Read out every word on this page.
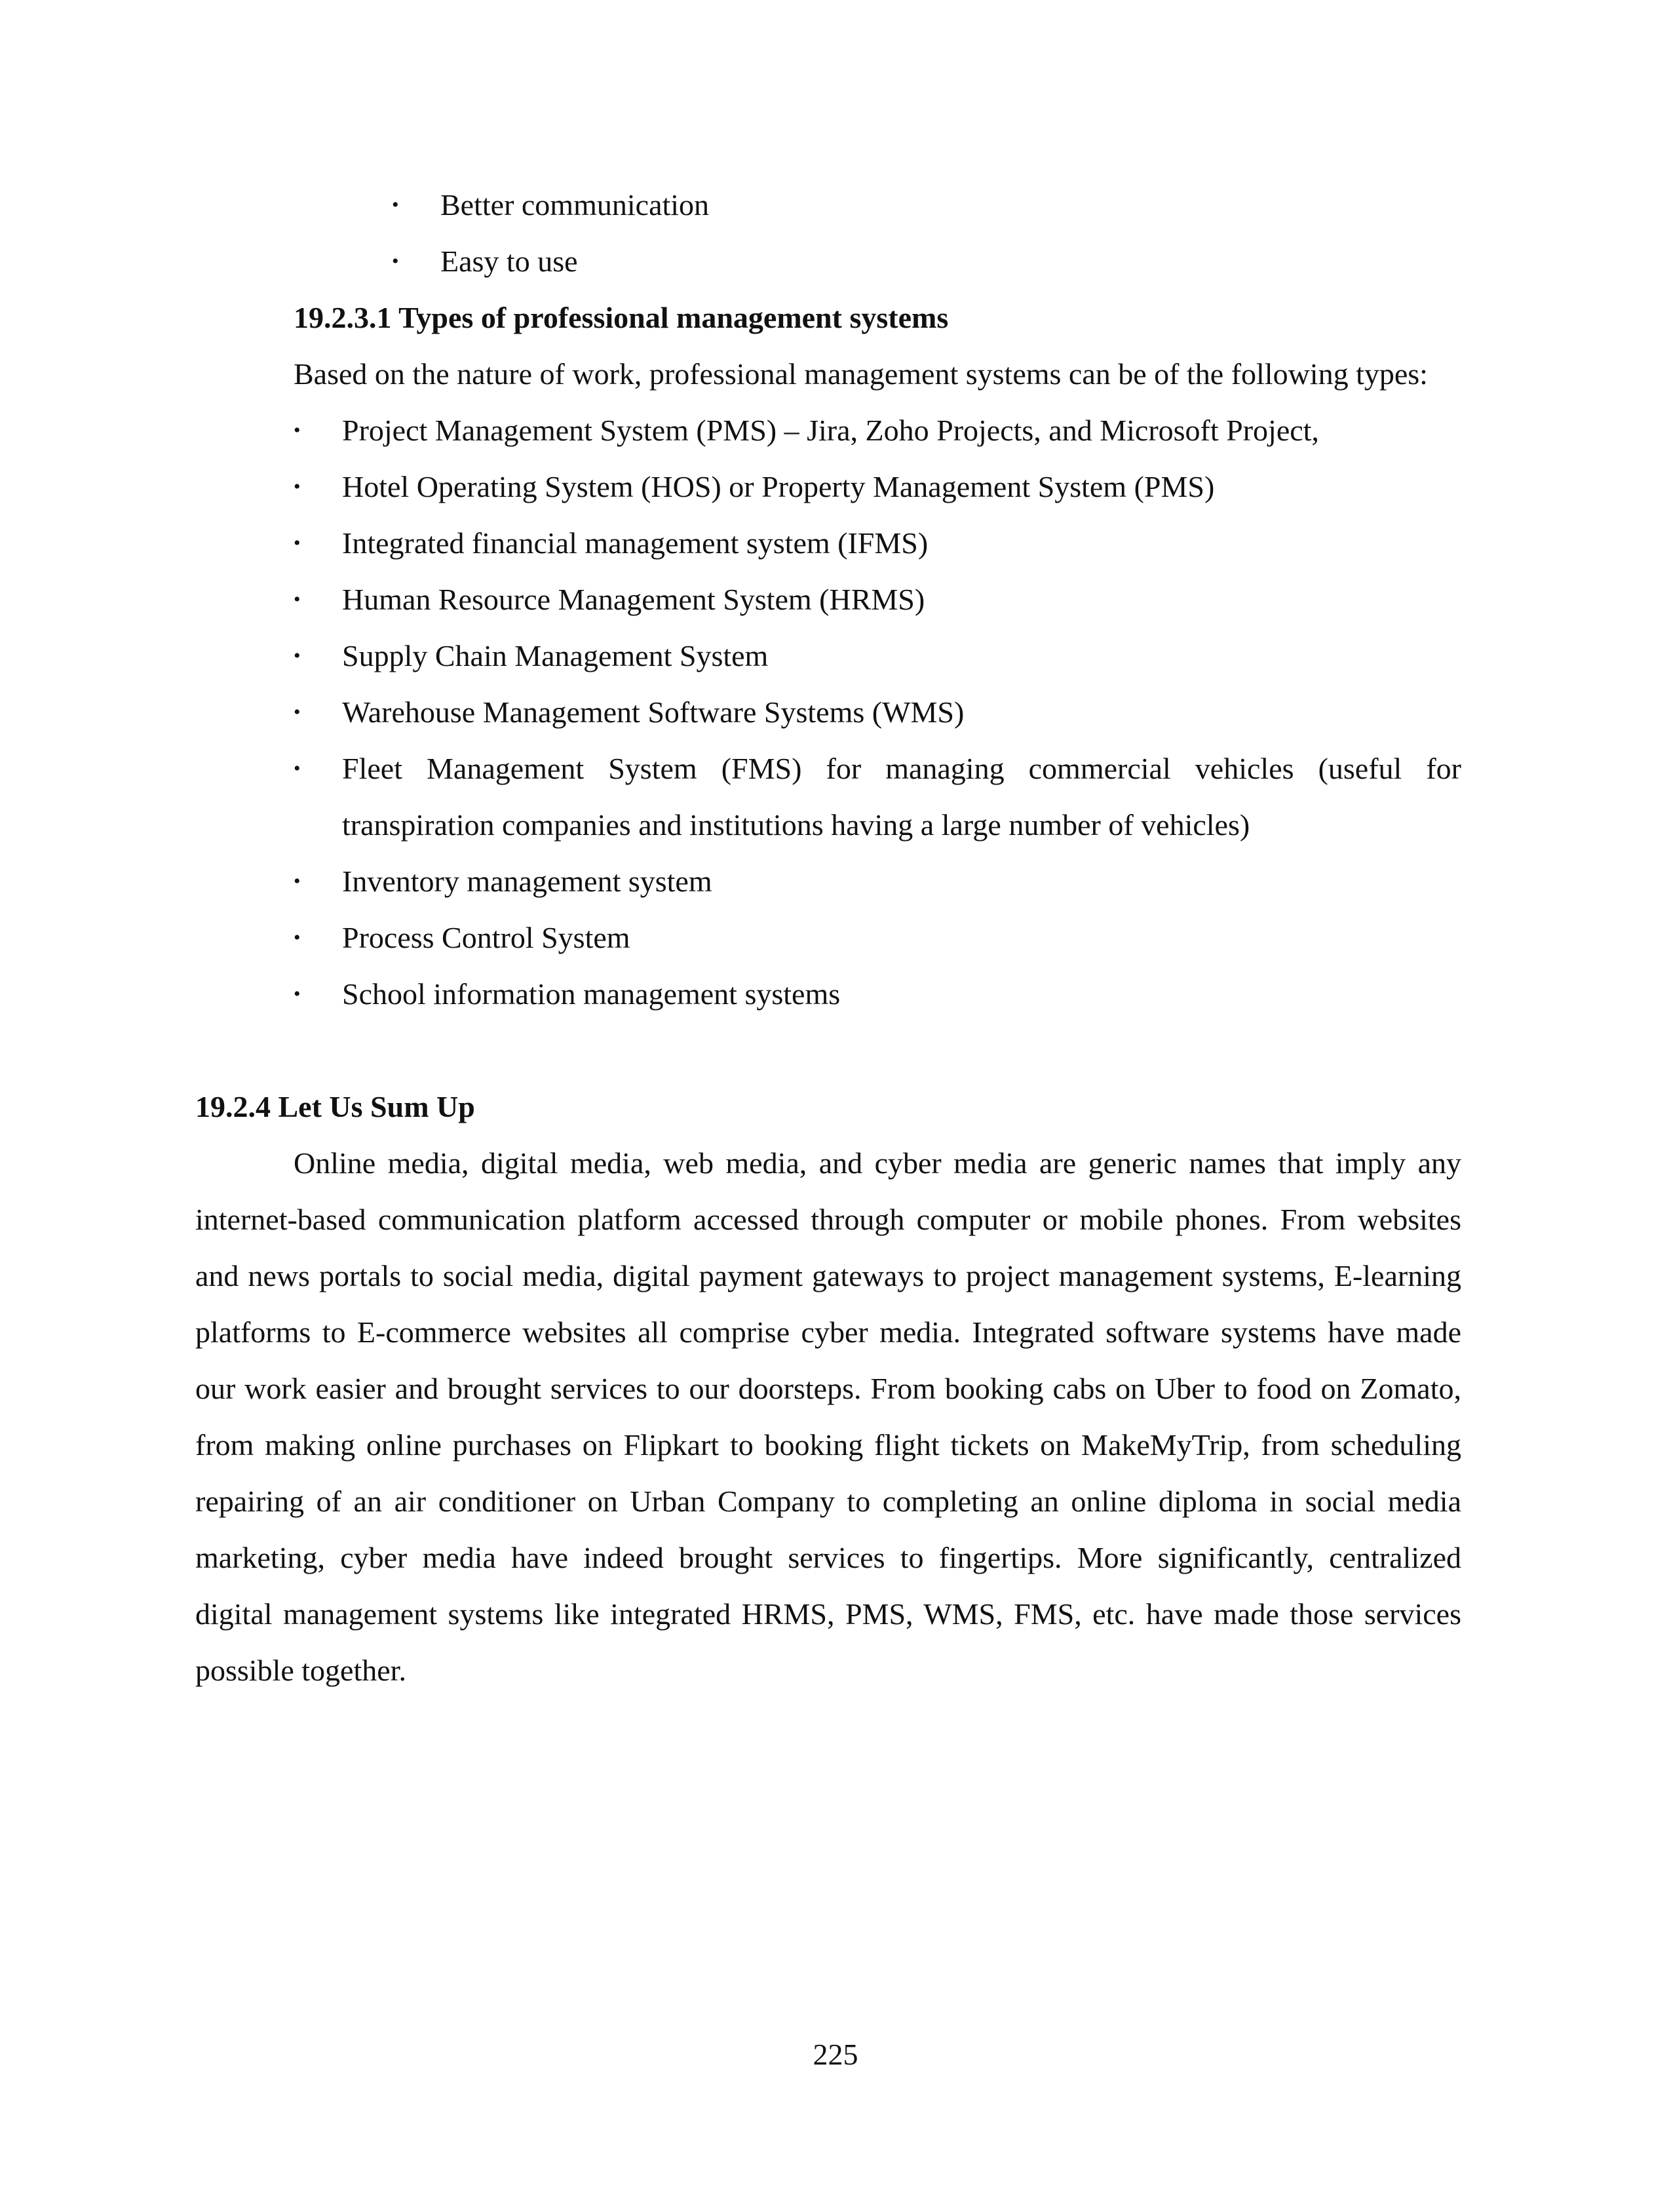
• Better communication
• Easy to use
19.2.3.1 Types of professional management systems

Based on the nature of work, professional management systems can be of the following types:

• Project Management System (PMS) – Jira, Zoho Projects, and Microsoft Project,
• Hotel Operating System (HOS) or Property Management System (PMS)
• Integrated financial management system (IFMS)
• Human Resource Management System (HRMS)
• Supply Chain Management System
• Warehouse Management Software Systems (WMS)
• Fleet Management System (FMS) for managing commercial vehicles (useful for transpiration companies and institutions having a large number of vehicles)
• Inventory management system
• Process Control System
• School information management systems
19.2.4 Let Us Sum Up

Online media, digital media, web media, and cyber media are generic names that imply any internet-based communication platform accessed through computer or mobile phones. From websites and news portals to social media, digital payment gateways to project management systems, E-learning platforms to E-commerce websites all comprise cyber media. Integrated software systems have made our work easier and brought services to our doorsteps. From booking cabs on Uber to food on Zomato, from making online purchases on Flipkart to booking flight tickets on MakeMyTrip, from scheduling repairing of an air conditioner on Urban Company to completing an online diploma in social media marketing, cyber media have indeed brought services to fingertips. More significantly, centralized digital management systems like integrated HRMS, PMS, WMS, FMS, etc. have made those services possible together.

225
